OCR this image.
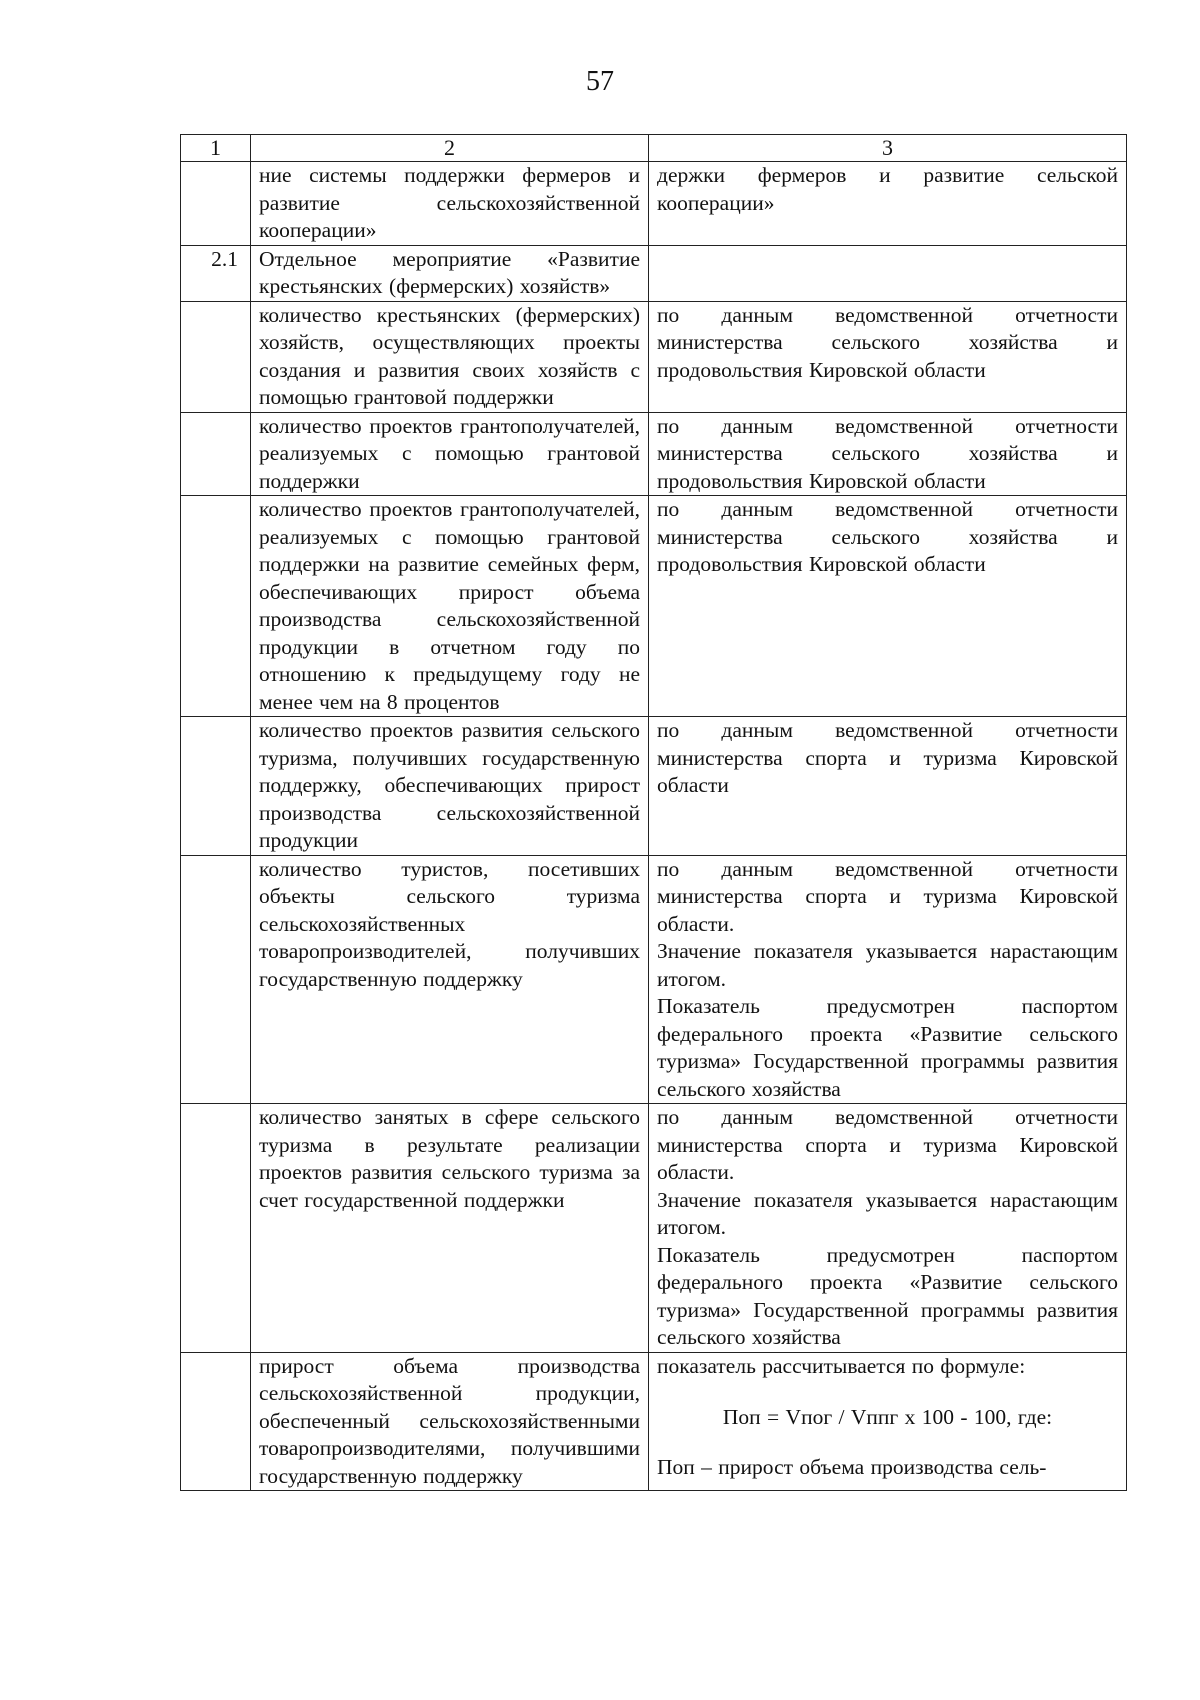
57
1	2	3
	ние системы поддержки фермеров и развитие сельскохозяйственной кооперации»	держки фермеров и развитие сельской кооперации»

2.1	Отдельное мероприятие «Развитие крестьянских (фермерских) хозяйств»	
	количество крестьянских (фермерских) хозяйств, осуществляющих проекты создания и развития своих хозяйств с помощью грантовой поддержки	по данным ведомственной отчетности министерства сельского хозяйства и продовольствия Кировской области

	количество проектов грантополучателей, реализуемых с помощью грантовой поддержки	по данным ведомственной отчетности министерства сельского хозяйства и продовольствия Кировской области

	количество проектов грантополучателей, реализуемых с помощью грантовой поддержки на развитие семейных ферм, обеспечивающих прирост объема производства сельскохозяйственной продукции в отчетном году по отношению к предыдущему году не менее чем на 8 процентов	по данным ведомственной отчетности министерства сельского хозяйства и продовольствия Кировской области

	количество проектов развития сельского туризма, получивших государственную поддержку, обеспечивающих прирост производства сельскохозяйственной продукции	по данным ведомственной отчетности министерства спорта и туризма Кировской области

	количество туристов, посетивших объекты сельского туризма сельскохозяйственных товаропроизводителей, получивших государственную поддержку	по данным ведомственной отчетности министерства спорта и туризма Кировской области.

Значение показателя указывается нарастающим итогом.

Показатель предусмотрен паспортом федерального проекта «Развитие сельского туризма» Государственной программы развития сельского хозяйства

	количество занятых в сфере сельского туризма в результате реализации проектов развития сельского туризма за счет государственной поддержки	по данным ведомственной отчетности министерства спорта и туризма Кировской области.

Значение показателя указывается нарастающим итогом.

Показатель предусмотрен паспортом федерального проекта «Развитие сельского туризма» Государственной программы развития сельского хозяйства

	прирост объема производства сельскохозяйственной продукции, обеспеченный сельскохозяйственными товаропроизводителями, получившими государственную поддержку	показатель рассчитывается по формуле:

Поп = Vпог / Vппг x 100 - 100, где:

Поп – прирост объема производства сель-
